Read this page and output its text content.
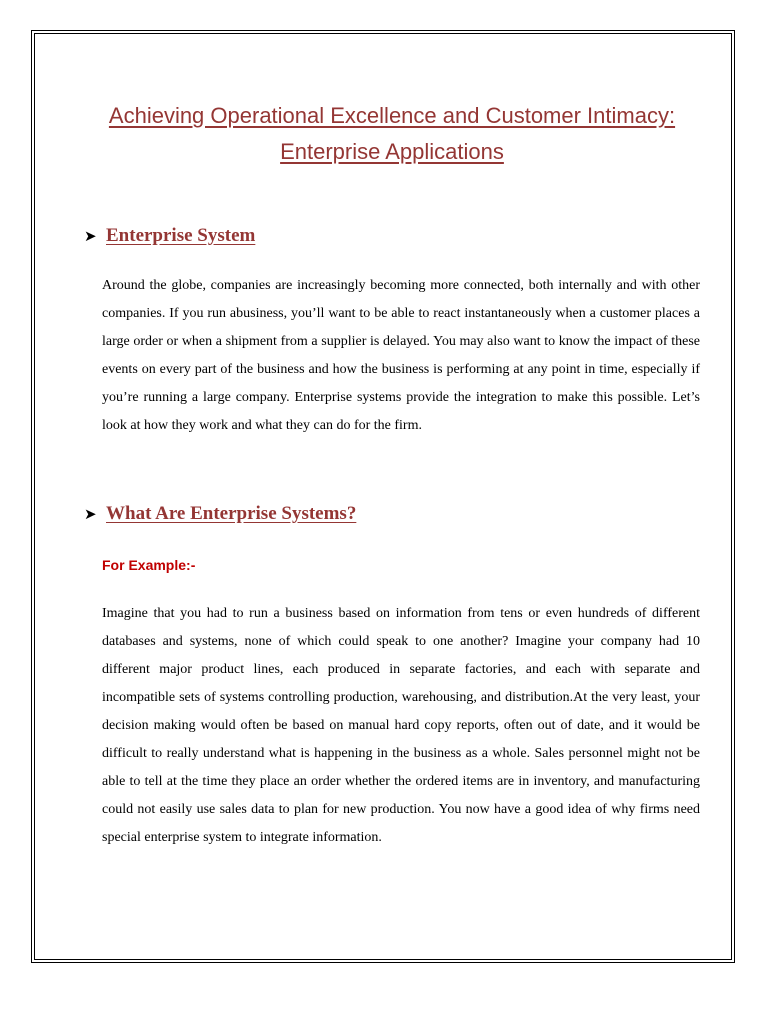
Achieving Operational Excellence and Customer Intimacy:
Enterprise Applications
➤ Enterprise System

Around the globe, companies are increasingly becoming more connected, both internally and with other companies. If you run abusiness, you’ll want to be able to react instantaneously when a customer places a large order or when a shipment from a supplier is delayed. You may also want to know the impact of these events on every part of the business and how the business is performing at any point in time, especially if you’re running a large company. Enterprise systems provide the integration to make this possible. Let’s look at how they work and what they can do for the firm.

➤ What Are Enterprise Systems?
For Example:-

Imagine that you had to run a business based on information from tens or even hundreds of different databases and systems, none of which could speak to one another? Imagine your company had 10 different major product lines, each produced in separate factories, and each with separate and incompatible sets of systems controlling production, warehousing, and distribution.At the very least, your decision making would often be based on manual hard copy reports, often out of date, and it would be difficult to really understand what is happening in the business as a whole. Sales personnel might not be able to tell at the time they place an order whether the ordered items are in inventory, and manufacturing could not easily use sales data to plan for new production. You now have a good idea of why firms need special enterprise system to integrate information.
